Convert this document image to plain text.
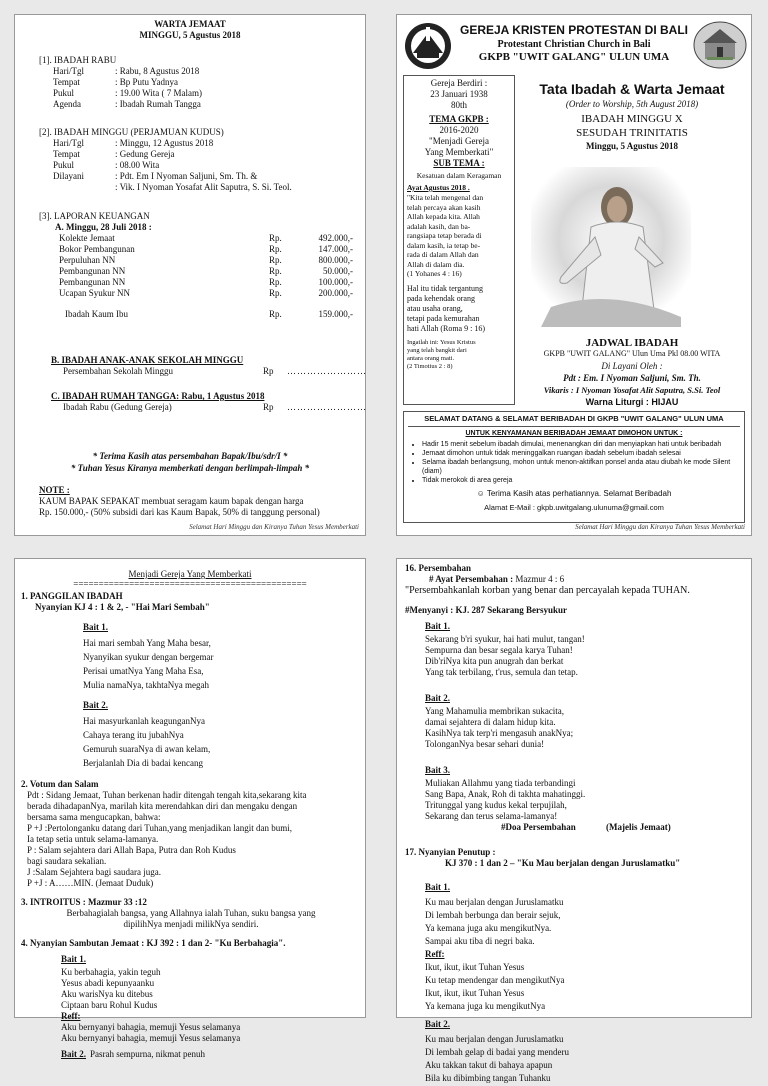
WARTA JEMAAT
MINGGU, 5 Agustus 2018
[1]. IBADAH RABU
Hari/Tgl	: Rabu, 8 Agustus 2018
Tempat	: Bp Putu Yadnya
Pukul	: 19.00 Wita ( 7 Malam)
Agenda	: Ibadah Rumah Tangga
[2]. IBADAH MINGGU (PERJAMUAN KUDUS)
Hari/Tgl	: Minggu, 12 Agustus 2018
Tempat	: Gedung Gereja
Pukul	: 08.00 Wita
Dilayani	: Pdt. Em I Nyoman Saljuni, Sm. Th. &
: Vik. I Nyoman Yosafat Alit Saputra, S. Si. Teol.
[3]. LAPORAN KEUANGAN
A. Minggu, 28 Juli 2018 :
Kolekte Jemaat	Rp.	492.000,-
Bokor Pembangunan	Rp.	147.000,-
Perpuluhan NN	Rp.	800.000,-
Pembangunan NN	Rp.	50.000,-
Pembangunan NN	Rp.	100.000,-
Ucapan Syukur NN	Rp.	200.000,-
Ibadah Kaum Ibu	Rp.	159.000,-
B. IBADAH ANAK-ANAK SEKOLAH MINGGU
Persembahan Sekolah Minggu	Rp	……………………
C. IBADAH RUMAH TANGGA: Rabu, 1 Agustus 2018
Ibadah Rabu (Gedung Gereja)	Rp	……………………
* Terima Kasih atas persembahan Bapak/Ibu/sdr/I *
* Tuhan Yesus Kiranya memberkati dengan berlimpah-limpah *
NOTE :
KAUM BAPAK SEPAKAT membuat seragam kaum bapak dengan harga
Rp. 150.000,- (50% subsidi dari kas Kaum Bapak, 50% di tanggung personal)
Selamat Hari Minggu dan Kiranya Tuhan Yesus Memberkati
GEREJA KRISTEN PROTESTAN DI BALI
Protestant Christian Church in Bali
GKPB "UWIT GALANG" ULUN UMA
Gereja Berdiri :
23 Januari 1938
80th
TEMA GKPB :
2016-2020
"Menjadi Gereja
Yang Memberkati"
SUB TEMA :
Kesatuan dalam Keragaman
Ayat Agustus 2018 .
"Kita telah mengenal dan
telah percaya akan kasih
Allah kepada kita. Allah
adalah kasih, dan ba-
rangsiapa tetap berada di
dalam kasih, ia tetap be-
rada di dalam Allah dan
Allah di dalam dia.
(1 Yohanes 4 : 16)
Hal itu tidak tergantung
pada kehendak orang
atau usaha orang,
tetapi pada kemurahan
hati Allah (Roma 9 : 16)
Ingatlah ini: Yesus Kristus
yang telah bangkit dari
antara orang mati.
(2 Timotius 2 : 8)
Tata Ibadah & Warta Jemaat
(Order to Worship, 5th August 2018)
IBADAH MINGGU X
SESUDAH TRINITATIS
Minggu, 5 Agustus 2018
JADWAL IBADAH
GKPB "UWIT GALANG" Ulun Uma Pkl 08.00 WITA
Di Layani Oleh :
Pdt : Em. I Nyoman Saljuni, Sm. Th.
Vikaris : I Nyoman Yosafat Alit Saputra, S.Si. Teol
Warna Liturgi : HIJAU
SELAMAT DATANG & SELAMAT BERIBADAH DI GKPB "UWIT GALANG" ULUN UMA
UNTUK KENYAMANAN BERIBADAH JEMAAT DIMOHON UNTUK :
• Hadir 15 menit sebelum ibadah dimulai, menenangkan diri dan menyiapkan hati untuk beribadah
• Jemaat dimohon untuk tidak meninggalkan ruangan ibadah sebelum ibadah selesai
• Selama ibadah berlangsung, mohon untuk menon-aktifkan ponsel anda atau diubah ke mode Silent (diam)
• Tidak merokok di area gereja
☺ Terima Kasih atas perhatiannya. Selamat Beribadah
Alamat E-Mail : gkpb.uwitgalang.ulunuma@gmail.com
Selamat Hari Minggu dan Kiranya Tuhan Yesus Memberkati
Menjadi Gereja Yang Memberkati
==============================================
1. PANGGILAN IBADAH
Nyanyian KJ 4 : 1 & 2, - "Hai Mari Sembah"
Bait 1.
Hai mari sembah Yang Maha besar,
Nyanyikan syukur dengan bergemar
Perisai umatNya Yang Maha Esa,
Mulia namaNya, takhtaNya megah
Bait 2.
Hai masyurkanlah keagunganNya
Cahaya terang itu jubahNya
Gemuruh suaraNya di awan kelam,
Berjalanlah Dia di badai kencang
2. Votum dan Salam
Pdt : Sidang Jemaat, Tuhan berkenan hadir ditengah tengah kita,sekarang kita
berada dihadapanNya, marilah kita merendahkan diri dan mengaku dengan
bersama sama mengucapkan, bahwa:
P +J :Pertolonganku datang dari Tuhan,yang menjadikan langit dan bumi,
Ia tetap setia untuk selama-lamanya.
P : Salam sejahtera dari Allah Bapa, Putra dan Roh Kudus
bagi saudara sekalian.
J :Salam Sejahtera bagi saudara juga.
P +J : A……MIN. (Jemaat Duduk)
3. INTROITUS : Mazmur 33 :12
Berbahagialah bangsa, yang Allahnya ialah Tuhan, suku bangsa yang
dipilihNya menjadi milikNya sendiri.
4. Nyanyian Sambutan Jemaat : KJ 392 : 1 dan 2- "Ku Berbahagia".
Bait 1.
Ku berbahagia, yakin teguh
Yesus abadi kepunyaanku
Aku warisNya ku ditebus
Ciptaan baru Rohul Kudus
Reff:
Aku bernyanyi bahagia, memuji Yesus selamanya
Aku bernyanyi bahagia, memuji Yesus selamanya
Bait 2. Pasrah sempurna, nikmat penuh
16. Persembahan
# Ayat Persembahan : Mazmur 4 : 6
"Persembahkanlah korban yang benar dan percayalah kepada TUHAN.
#Menyanyi : KJ. 287 Sekarang Bersyukur
Bait 1.
Sekarang b'ri syukur, hai hati mulut, tangan!
Sempurna dan besar segala karya Tuhan!
Dib'riNya kita pun anugrah dan berkat
Yang tak terbilang, t'rus, semula dan tetap.
Bait 2.
Yang Mahamulia membrikan sukacita,
damai sejahtera di dalam hidup kita.
KasihNya tak terp'ri mengasuh anakNya;
TolonganNya besar sehari dunia!
Bait 3.
Muliakan Allahmu yang tiada terbandingi
Sang Bapa, Anak, Roh di takhta mahatinggi.
Tritunggal yang kudus kekal terpujilah,
Sekarang dan terus selama-lamanya!
#Doa Persembahan	(Majelis Jemaat)
17. Nyanyian Penutup :
KJ 370 : 1 dan 2 – "Ku Mau berjalan dengan Juruslamatku"
Bait 1.
Ku mau berjalan dengan Juruslamatku
Di lembah berbunga dan berair sejuk,
Ya kemana juga aku mengikutNya.
Sampai aku tiba di negri baka.
Reff:
Ikut, ikut, ikut Tuhan Yesus
Ku tetap mendengar dan mengikutNya
Ikut, ikut, ikut Tuhan Yesus
Ya kemana juga ku mengikutNya
Bait 2.
Ku mau berjalan dengan Juruslamatku
Di lembah gelap di badai yang menderu
Aku takkan takut di bahaya apapun
Bila ku dibimbing tangan Tuhanku
